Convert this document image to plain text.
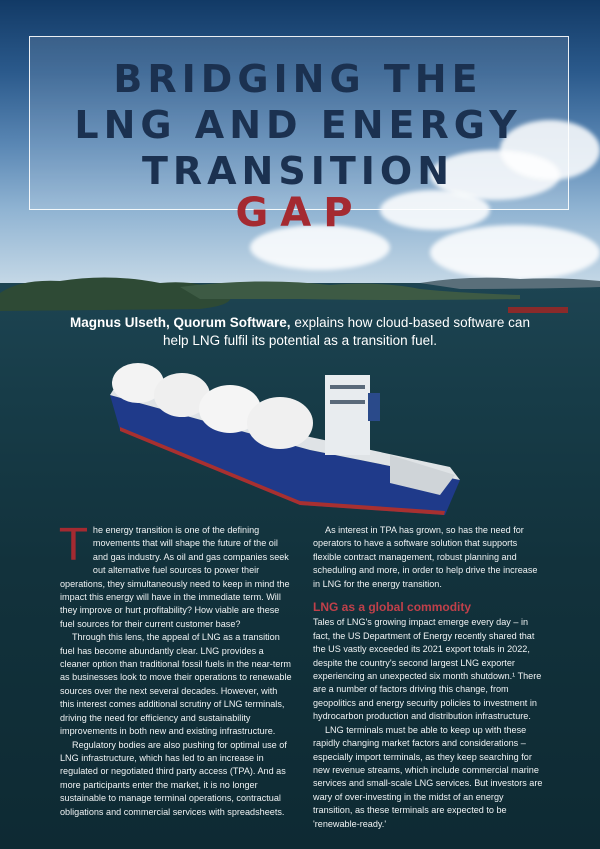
BRIDGING THE
LNG AND ENERGY
TRANSITION
GAP
Magnus Ulseth, Quorum Software, explains how cloud-based software can help LNG fulfil its potential as a transition fuel.

The energy transition is one of the defining movements that will shape the future of the oil and gas industry. As oil and gas companies seek out alternative fuel sources to power their operations, they simultaneously need to keep in mind the impact this energy will have in the immediate term. Will they improve or hurt profitability? How viable are these fuel sources for their current customer base?

Through this lens, the appeal of LNG as a transition fuel has become abundantly clear. LNG provides a cleaner option than traditional fossil fuels in the near-term as businesses look to move their operations to renewable sources over the next several decades. However, with this interest comes additional scrutiny of LNG terminals, driving the need for efficiency and sustainability improvements in both new and existing infrastructure.

Regulatory bodies are also pushing for optimal use of LNG infrastructure, which has led to an increase in regulated or negotiated third party access (TPA). And as more participants enter the market, it is no longer sustainable to manage terminal operations, contractual obligations and commercial services with spreadsheets.

As interest in TPA has grown, so has the need for operators to have a software solution that supports flexible contract management, robust planning and scheduling and more, in order to help drive the increase in LNG for the energy transition.

LNG as a global commodity

Tales of LNG's growing impact emerge every day – in fact, the US Department of Energy recently shared that the US vastly exceeded its 2021 export totals in 2022, despite the country's second largest LNG exporter experiencing an unexpected six month shutdown.¹ There are a number of factors driving this change, from geopolitics and energy security policies to investment in hydrocarbon production and distribution infrastructure.

LNG terminals must be able to keep up with these rapidly changing market factors and considerations – especially import terminals, as they keep searching for new revenue streams, which include commercial marine services and small-scale LNG services. But investors are wary of over-investing in the midst of an energy transition, as these terminals are expected to be 'renewable-ready.'
